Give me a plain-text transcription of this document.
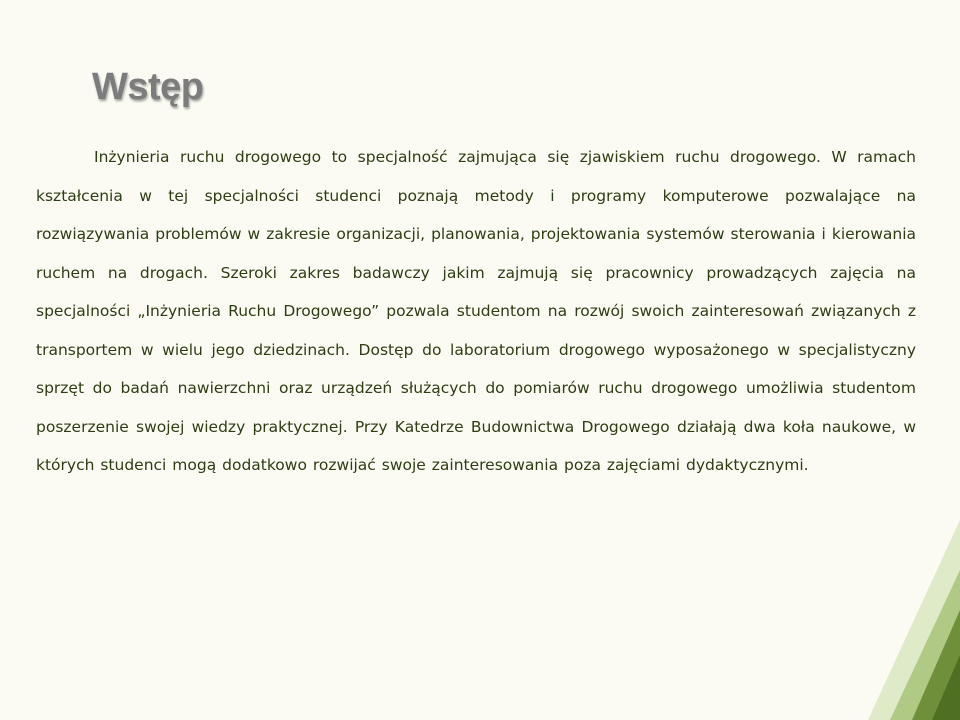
Wstęp

Inżynieria ruchu drogowego to specjalność zajmująca się zjawiskiem ruchu drogowego. W ramach kształcenia w tej specjalności studenci poznają metody i programy komputerowe pozwalające na rozwiązywania problemów w zakresie organizacji, planowania, projektowania systemów sterowania i kierowania ruchem na drogach. Szeroki zakres badawczy jakim zajmują się pracownicy prowadzących zajęcia na specjalności „Inżynieria Ruchu Drogowego” pozwala studentom na rozwój swoich zainteresowań związanych z transportem w wielu jego dziedzinach. Dostęp do laboratorium drogowego wyposażonego w specjalistyczny sprzęt do badań nawierzchni oraz urządzeń służących do pomiarów ruchu drogowego umożliwia studentom poszerzenie swojej wiedzy praktycznej. Przy Katedrze Budownictwa Drogowego działają dwa koła naukowe, w których studenci mogą dodatkowo rozwijać swoje zainteresowania poza zajęciami dydaktycznymi.
